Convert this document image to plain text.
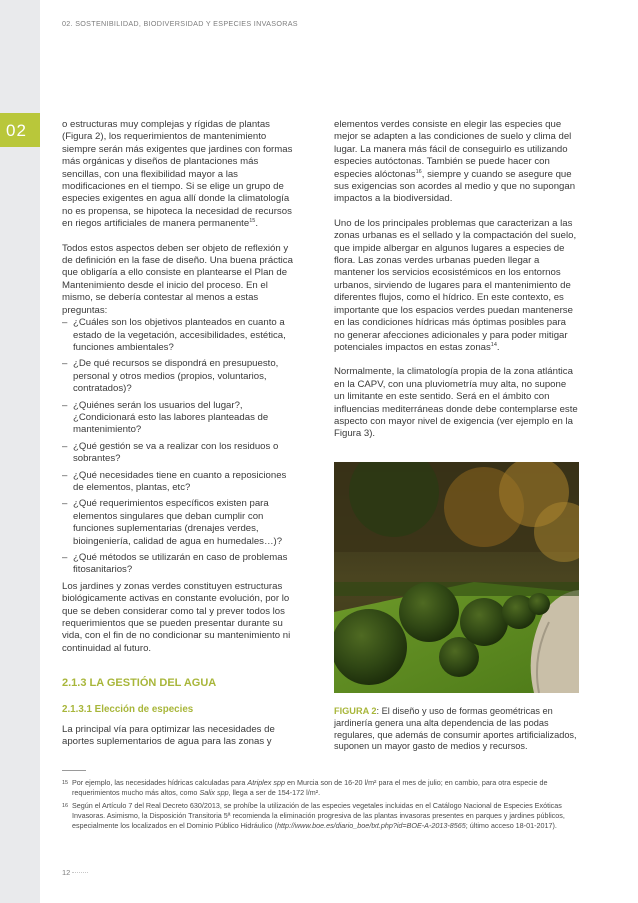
02. SOSTENIBILIDAD, BIODIVERSIDAD Y ESPECIES INVASORAS
02	o estructuras muy complejas y rígidas de plantas (Figura 2), los requerimientos de mantenimiento siempre serán más exigentes que jardines con formas más orgánicas y diseños de plantaciones más sencillas, con una flexibilidad mayor a las modificaciones en el tiempo. Si se elige un grupo de especies exigentes en agua allí donde la climatología no es propensa, se hipoteca la necesidad de recursos en riegos artificiales de manera permanente$^{15}$.

Todos estos aspectos deben ser objeto de reflexión y de definición en la fase de diseño. Una buena práctica que obligaría a ello consiste en plantearse el Plan de Mantenimiento desde el inicio del proceso. En el mismo, se debería contestar al menos a estas preguntas:

– ¿Cuáles son los objetivos planteados en cuanto a estado de la vegetación, accesibilidades, estética, funciones ambientales?
– ¿De qué recursos se dispondrá en presupuesto, personal y otros medios (propios, voluntarios, contratados)?
– ¿Quiénes serán los usuarios del lugar?, ¿Condicionará esto las labores planteadas de mantenimiento?
– ¿Qué gestión se va a realizar con los residuos o sobrantes?
– ¿Qué necesidades tiene en cuanto a reposiciones de elementos, plantas, etc?
– ¿Qué requerimientos específicos existen para elementos singulares que deban cumplir con funciones suplementarias (drenajes verdes, bioingeniería, calidad de agua en humedales…)?
– ¿Qué métodos se utilizarán en caso de problemas fitosanitarios?

Los jardines y zonas verdes constituyen estructuras biológicamente activas en constante evolución, por lo que se deben considerar como tal y prever todos los requerimientos que se pueden presentar durante su vida, con el fin de no condicionar su mantenimiento ni continuidad al futuro.

2.1.3 LA GESTIÓN DEL AGUA
2.1.3.1 Elección de especies

La principal vía para optimizar las necesidades de aportes suplementarios de agua para las zonas y

elementos verdes consiste en elegir las especies que mejor se adapten a las condiciones de suelo y clima del lugar. La manera más fácil de conseguirlo es utilizando especies autóctonas. También se puede hacer con especies alóctonas$^{16}$, siempre y cuando se asegure que sus exigencias son acordes al medio y que no supongan impactos a la biodiversidad.

Uno de los principales problemas que caracterizan a las zonas urbanas es el sellado y la compactación del suelo, que impide albergar en algunos lugares a especies de flora. Las zonas verdes urbanas pueden llegar a mantener los servicios ecosistémicos en los entornos urbanos, sirviendo de lugares para el mantenimiento de diferentes flujos, como el hídrico. En este contexto, es importante que los espacios verdes puedan mantenerse en las condiciones hídricas más óptimas posibles para no generar afecciones adicionales y para poder mitigar potenciales impactos en estas zonas$^{14}$.

Normalmente, la climatología propia de la zona atlántica en la CAPV, con una pluviometría muy alta, no supone un limitante en este sentido. Será en el ámbito con influencias mediterráneas donde debe contemplarse este aspecto con mayor nivel de exigencia (ver ejemplo en la Figura 3).

FIGURA 2: El diseño y uso de formas geométricas en jardinería genera una alta dependencia de las podas regulares, que además de consumir aportes artificializados, suponen un mayor gasto de medios y recursos.
15 Por ejemplo, las necesidades hídricas calculadas para Atriplex spp en Murcia son de 16-20 l/m² para el mes de julio; en cambio, para otra especie de requerimientos mucho más altos, como Salix spp, llega a ser de 154-172 l/m².
16 Según el Artículo 7 del Real Decreto 630/2013, se prohíbe la utilización de las especies vegetales incluidas en el Catálogo Nacional de Especies Exóticas Invasoras. Asimismo, la Disposición Transitoria 5ª recomienda la eliminación progresiva de las plantas invasoras presentes en parques y jardines públicos, especialmente los localizados en el Dominio Público Hidráulico (http://www.boe.es/diario_boe/txt.php?id=BOE-A-2013-8565; último acceso 18-01-2017).
12
